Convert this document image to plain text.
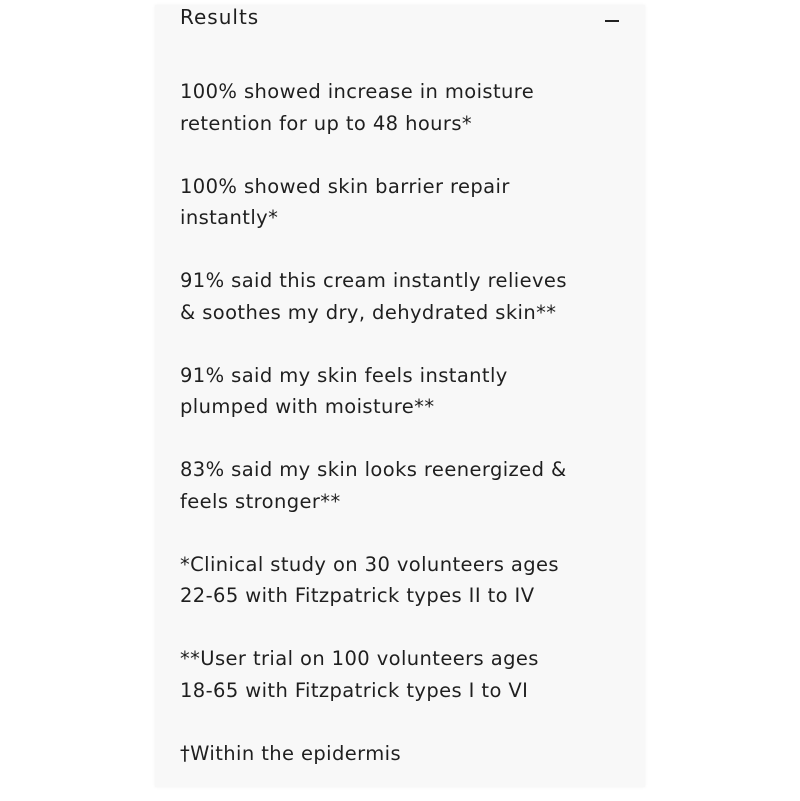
Results

100% showed increase in moisture
retention for up to 48 hours*

100% showed skin barrier repair
instantly*

91% said this cream instantly relieves
& soothes my dry, dehydrated skin**

91% said my skin feels instantly
plumped with moisture**

83% said my skin looks reenergized &
feels stronger**

*Clinical study on 30 volunteers ages
22-65 with Fitzpatrick types II to IV

**User trial on 100 volunteers ages
18-65 with Fitzpatrick types I to VI

†Within the epidermis
